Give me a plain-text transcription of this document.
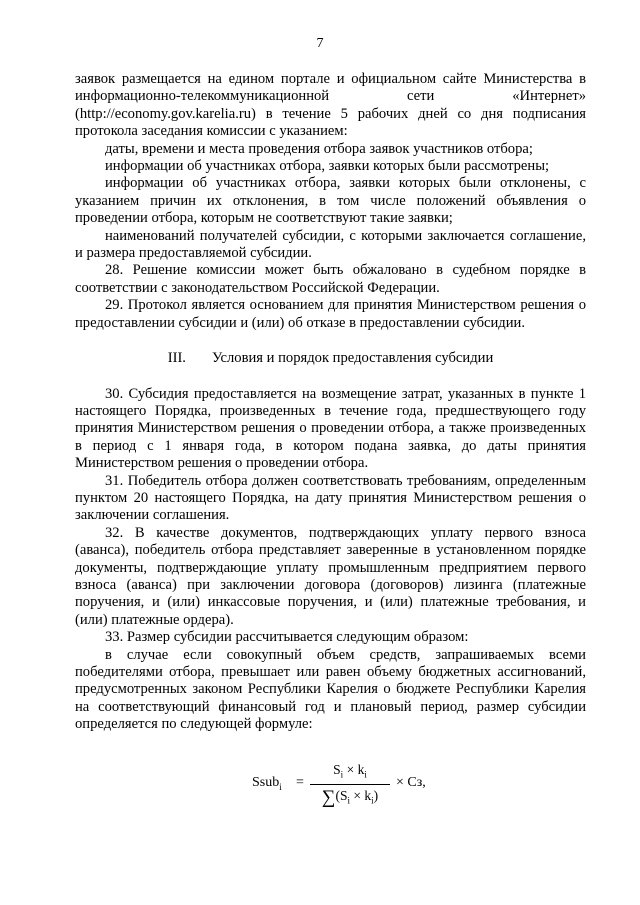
7

заявок размещается на едином портале и официальном сайте Министерства в информационно-телекоммуникационной сети «Интернет» (http://economy.gov.karelia.ru) в течение 5 рабочих дней со дня подписания протокола заседания комиссии с указанием:

даты, времени и места проведения отбора заявок участников отбора;

информации об участниках отбора, заявки которых были рассмотрены;

информации об участниках отбора, заявки которых были отклонены, с указанием причин их отклонения, в том числе положений объявления о проведении отбора, которым не соответствуют такие заявки;

наименований получателей субсидии, с которыми заключается соглашение, и размера предоставляемой субсидии.

28. Решение комиссии может быть обжаловано в судебном порядке в соответствии с законодательством Российской Федерации.

29. Протокол является основанием для принятия Министерством решения о предоставлении субсидии и (или) об отказе в предоставлении субсидии.

III. Условия и порядок предоставления субсидии

30. Субсидия предоставляется на возмещение затрат, указанных в пункте 1 настоящего Порядка, произведенных в течение года, предшествующего году принятия Министерством решения о проведении отбора, а также произведенных в период с 1 января года, в котором подана заявка, до даты принятия Министерством решения о проведении отбора.

31. Победитель отбора должен соответствовать требованиям, определенным пунктом 20 настоящего Порядка, на дату принятия Министерством решения о заключении соглашения.

32. В качестве документов, подтверждающих уплату первого взноса (аванса), победитель отбора представляет заверенные в установленном порядке документы, подтверждающие уплату промышленным предприятием первого взноса (аванса) при заключении договора (договоров) лизинга (платежные поручения, и (или) инкассовые поручения, и (или) платежные требования, и (или) платежные ордера).

33. Размер субсидии рассчитывается следующим образом:

в случае если совокупный объем средств, запрашиваемых всеми победителями отбора, превышает или равен объему бюджетных ассигнований, предусмотренных законом Республики Карелия о бюджете Республики Карелия на соответствующий финансовый год и плановый период, размер субсидии определяется по следующей формуле:

Ssub$_i$ =
$S_i \times k_i$
$\sum(S_i \times k_i)$
× Сз,
